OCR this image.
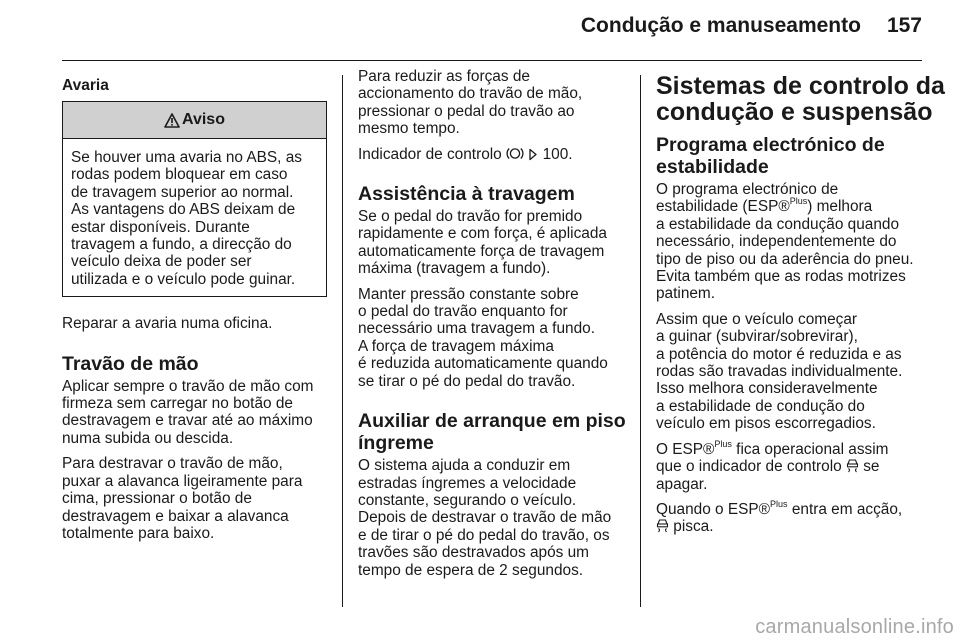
Condução e manuseamento 157
Avaria
Aviso

Se houver uma avaria no ABS, as
rodas podem bloquear em caso
de travagem superior ao normal.
As vantagens do ABS deixam de
estar disponíveis. Durante
travagem a fundo, a direcção do
veículo deixa de poder ser
utilizada e o veículo pode guinar.

Reparar a avaria numa oficina.

Travão de mão

Aplicar sempre o travão de mão com
firmeza sem carregar no botão de
destravagem e travar até ao máximo
numa subida ou descida.

Para destravar o travão de mão,
puxar a alavanca ligeiramente para
cima, pressionar o botão de
destravagem e baixar a alavanca
totalmente para baixo.

Para reduzir as forças de
accionamento do travão de mão,
pressionar o pedal do travão ao
mesmo tempo.

Indicador de controlo	100.

Assistência à travagem

Se o pedal do travão for premido
rapidamente e com força, é aplicada
automaticamente força de travagem
máxima (travagem a fundo).

Manter pressão constante sobre
o pedal do travão enquanto for
necessário uma travagem a fundo.
A força de travagem máxima
é reduzida automaticamente quando
se tirar o pé do pedal do travão.

Auxiliar de arranque em piso
íngreme

O sistema ajuda a conduzir em
estradas íngremes a velocidade
constante, segurando o veículo.
Depois de destravar o travão de mão
e de tirar o pé do pedal do travão, os
travões são destravados após um
tempo de espera de 2 segundos.

Sistemas de controlo da
condução e suspensão
Programa electrónico de
estabilidade

O programa electrónico de
estabilidade (ESP®$^{Plus}$) melhora
a estabilidade da condução quando
necessário, independentemente do
tipo de piso ou da aderência do pneu.
Evita também que as rodas motrizes
patinem.

Assim que o veículo começar
a guinar (subvirar/sobrevirar),
a potência do motor é reduzida e as
rodas são travadas individualmente.
Isso melhora consideravelmente
a estabilidade de condução do
veículo em pisos escorregadios.

O ESP®$^{Plus}$ fica operacional assim
que o indicador de controlo  se
apagar.

Quando o ESP®$^{Plus}$ entra em acção,
pisca.

carmanualsonline.info
